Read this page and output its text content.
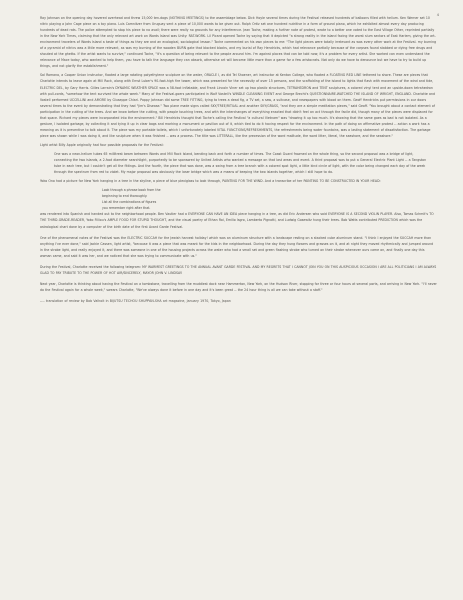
4

Ray Johnson on the opening day hovered overhead and threw 15,000 ten-dogs (NOTHING MEETINGS) to the assemblage below. Dick Hoyle several times during the Festival released hundreds of balloons filled with helium. Ken Werner set 10 nitric playing a John Cage piece on a toy piano. Luis Camnitzer from Uruguay sent a piece of 10,000 words to be given out. Ralph Ortiz set one hundred nutritive in a form of ground piano, which he exhibited almost every day producing hundreds of dead rats. The police attempted to stop his piece to no avail; there were really no grounds for any interference. Jean Toche, making a further note of protest, wrote to a better one voted to the East Village Other, reprinted partially in the New York Times, claiming that the only relevant art work on Wards Island was Unity: RAT-WORK. Lil Picard opened Toche by saying that it depicted "a strong reality in the island facing the worst slum sectors of East Harlem, giving the art-environment travelers of Wards Island a taste of things as they are and an ecological, sociological lesson." Toche commented on his own pieces to me: "The light pieces were totally irrelevant as was every other work at the Festival. my burning of a pyramid of nitrics was a little more relevant, as was my burning of the wooden BURN gate that blocked blocks, and my burial of Ray Hendricks, which had relevance partially because of the corpses found stabbed or dying free drugs and shouted at the ghetto. If the artist wants to survive," continued Toche, "it's a question of being relevant to the people around him. I'm against places that can be told now; it's a problem for every artist. She worked can even understand the relevance of Mace today, who wanted to help them, you have to talk the language they can absorb, otherwise art will become little more than a game for a few aristocrats. Not only do we have to denounce but we have to try to build up things, and not glorify the establishment."

Sal Romano, a Cooper Union instructor, floated a large rotating polyethylene sculpture on the water, ORACLE I, as did Tel Shoener, art instructor at Kenton College, who floated a FLOATING RED LINE tethered to shore. These are pieces that Charlotte intends to leave again at Mill Rock, along with Ernst Luber's 90-foot-high fire tower, which was presented for the necessity of over 15 persons, and the scaffolding of the island to lights that flash with movement of the wind and tide, ELECTRIC DEL, by Gary Harris. Gilles Larrain's DYNAMIC WEATHER SPACE was a 58-foot inflatable, and Frank Lincoln Viner set up two plastic structures, TETRAHEDRON and TENT sculptures, a colored vinyl tent and an upside-down tetrahedron with pull-cords, "somehow the tent survived the whole week." Many of the Festival-goers participated in Wolf Vostell's WINDLE CLEANING EVENT and George Brecht's QUESTIONNAIRE-WATCHED THE ISLAND OF WRIGHT, ENGLAND. Charlotte and Vostell performed UCCELLINI and AMORE by Giuseppe Chiari. Poppy Johnson did some TREE FITTING, tying to trees a dead fig, a TV set, a saw, a suitcase, and newspapers with blood on them. Geoff Hendricks put permissions in our doors several times to the event by demonstrating that they had "Jim's Disease." Two plane made signs called SKY/TREE/RITUAL and another SKY/GRASS, "and they are a simple meditation pieces," said Geoff. "You brought about a contact element of participation in the cutting of the trees. And we know before the cutting, with people touching trees, and with the interchanges of everything enacted that didn't feel an act through the facile did, though many of the pieces were displaced for that space. Richard my pieces were incorporated into the environment." Bill Hendricks thought that Toche's calling the Festival "a cultural Vietnam" was "drawing it up too much. It's showing that the same goes as bad is not isolated. As a gesture, I isolated garbage, by collecting it and tying it up in clear bags and marking a monument or pavilion out of it, which tied to do it having respect for the environment. In the path of doing an affirmative protest -- action a work has a meaning as it is preventive to talk about it. The piece was my portable toilets, which I unfortunately labeled VITAL FUNCTIONS/REFRESHMENTS, the refreshments being water fountains, was a lasting statement of dissatisfaction. The garbage piece was shown while I was doing it, and like sculpture when it was finished -- was a process. The title was LITTERALL, like the precession of the word malitude, the word litter, literal, the seashore, and the seashore."

Light artist Billy Apple originally had four possible proposals for the Festival:

One was a neon-helium tubes 65 millitrest beam between Wards and Mill Rock Island, bending back and forth a number of times. The Coast Guard frowned on the whole thing, so the second proposal was a bridge of light, connecting the two islands, a 2-foot diameter searchlight, purportedly to be sponsored by United Artists who wanted a message on that last areas and event. A third proposal was to put a General Electric Plant Light -- a Tangston tube in each tree, but I couldn't get all the fittings. And the fourth, the piece that was done, was a swing from a tree branch with a colored spot light, a little kind circle of light, with the color being changed each day of the week through the spectrum from red to violet. My major proposal was obviously the laser bridge which was a means of keeping the two islands together, which I still hope to do.

Yoko Ono had a picture for New York hanging in a tree in the skyline, a piece of blue plexiglass to look through, PAINTING FOR THE WIND. And a transcribe of her PAINTING TO BE CONSTRUCTED IN YOUR HEAD:

Look through a phrase book from the
beginning to end thoroughly.
List all the combinations of figures
you remember right after that.

was rendered into Spanish and handed out to the neighborhood people. Ben Vautier had a EVERYONE CAN HAVE AN IDEA piece hanging in a tree, as did Eric Andersen who said EVERYONE IS A SECOND VIOLIN PLAYER. Also, Tomas Schmit's TO THE THIRD-GRADE-READER, Yoko Filliou's AMPLE FOOD FOR STUPID THOUGHT, and the visual poetry of Ethan Roi, Emilio Isgro, Lamberto Pignotti, and Ludwig Gosewitz hung their trees. Bob Watts contributed PREDICTION which was the astrological chart done by a computer of the birth date of the first Avant Garde Festival.

One of the phenomenal notes of the Festival was the ELECTRIC SUCCAH for the Jewish harvest holiday! which was an aluminum structure with a landscape resting on a stacked cube aluminum stand. "I think I enjoyed the SUCCAH more than anything I've ever done," said Jackie Cassen, light artist, "because it was a piece that was meant for the kids in the neighborhood. During the day they hung flowers and grasses on it, and at night they moved rhythmically and jumped around in the strobe light, and really enjoyed it, and there was someone in one of the housing projects across the water who had a small set and green flashing strobe who turned on their strobe whenever ours came on, and finally one day this woman came, and said it was her, and we noticed that she was trying to communicate with us."

During the Festival, Charlotte received the following telegram: MY WARMEST GREETINGS TO THE ANNUAL AVANT GARDE FESTIVAL AND MY REGRETS THAT I CANNOT JOIN YOU ON THIS AUSPICIOUS OCCASION I ARE ALL POLITICIANS I AM ALWAYS GLAD TO PAY TRIBUTE TO THE POWER OF HOT AIR/SINCERELY, MAYOR JOHN V. LINDSAY.

Next year, Charlotte is thinking about having the Festival on a tombstone, travelling from the muddiest dock near Hammerton, New York, on the Hudson River, stopping for three or four hours at several ports, and arriving in New York. "I'll never do the Festival again for a whole week," swears Charlotte, "We've always done it before in one day and it's been great -- the 24 hour thing is all we can take without a staff."

---- translation of review by Bob Valhoit in BIJUTSU TECHOU SHUPPAN-SHA art magazine, January 1970, Tokyo, Japan
